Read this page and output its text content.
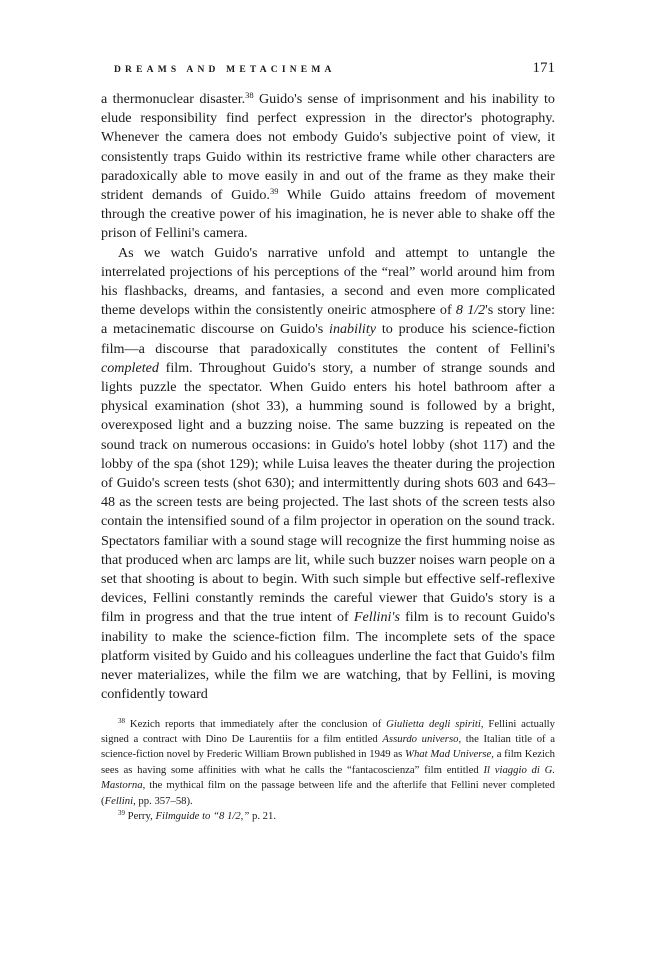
DREAMS AND METACINEMA	171

a thermonuclear disaster.$^{38}$ Guido's sense of imprisonment and his inability to elude responsibility find perfect expression in the director's photography. Whenever the camera does not embody Guido's subjective point of view, it consistently traps Guido within its restrictive frame while other characters are paradoxically able to move easily in and out of the frame as they make their strident demands of Guido.$^{39}$ While Guido attains freedom of movement through the creative power of his imagination, he is never able to shake off the prison of Fellini's camera.

As we watch Guido's narrative unfold and attempt to untangle the interrelated projections of his perceptions of the “real” world around him from his flashbacks, dreams, and fantasies, a second and even more complicated theme develops within the consistently oneiric atmosphere of 8 1/2's story line: a metacinematic discourse on Guido's inability to produce his science-fiction film—a discourse that paradoxically constitutes the content of Fellini's completed film. Throughout Guido's story, a number of strange sounds and lights puzzle the spectator. When Guido enters his hotel bathroom after a physical examination (shot 33), a humming sound is followed by a bright, overexposed light and a buzzing noise. The same buzzing is repeated on the sound track on numerous occasions: in Guido's hotel lobby (shot 117) and the lobby of the spa (shot 129); while Luisa leaves the theater during the projection of Guido's screen tests (shot 630); and intermittently during shots 603 and 643–48 as the screen tests are being projected. The last shots of the screen tests also contain the intensified sound of a film projector in operation on the sound track. Spectators familiar with a sound stage will recognize the first humming noise as that produced when arc lamps are lit, while such buzzer noises warn people on a set that shooting is about to begin. With such simple but effective self-reflexive devices, Fellini constantly reminds the careful viewer that Guido's story is a film in progress and that the true intent of Fellini's film is to recount Guido's inability to make the science-fiction film. The incomplete sets of the space platform visited by Guido and his colleagues underline the fact that Guido's film never materializes, while the film we are watching, that by Fellini, is moving confidently toward

$^{38}$ Kezich reports that immediately after the conclusion of Giulietta degli spiriti, Fellini actually signed a contract with Dino De Laurentiis for a film entitled Assurdo universo, the Italian title of a science-fiction novel by Frederic William Brown published in 1949 as What Mad Universe, a film Kezich sees as having some affinities with what he calls the “fantacoscienza” film entitled Il viaggio di G. Mastorna, the mythical film on the passage between life and the afterlife that Fellini never completed (Fellini, pp. 357–58).

$^{39}$ Perry, Filmguide to “8 1/2,” p. 21.
